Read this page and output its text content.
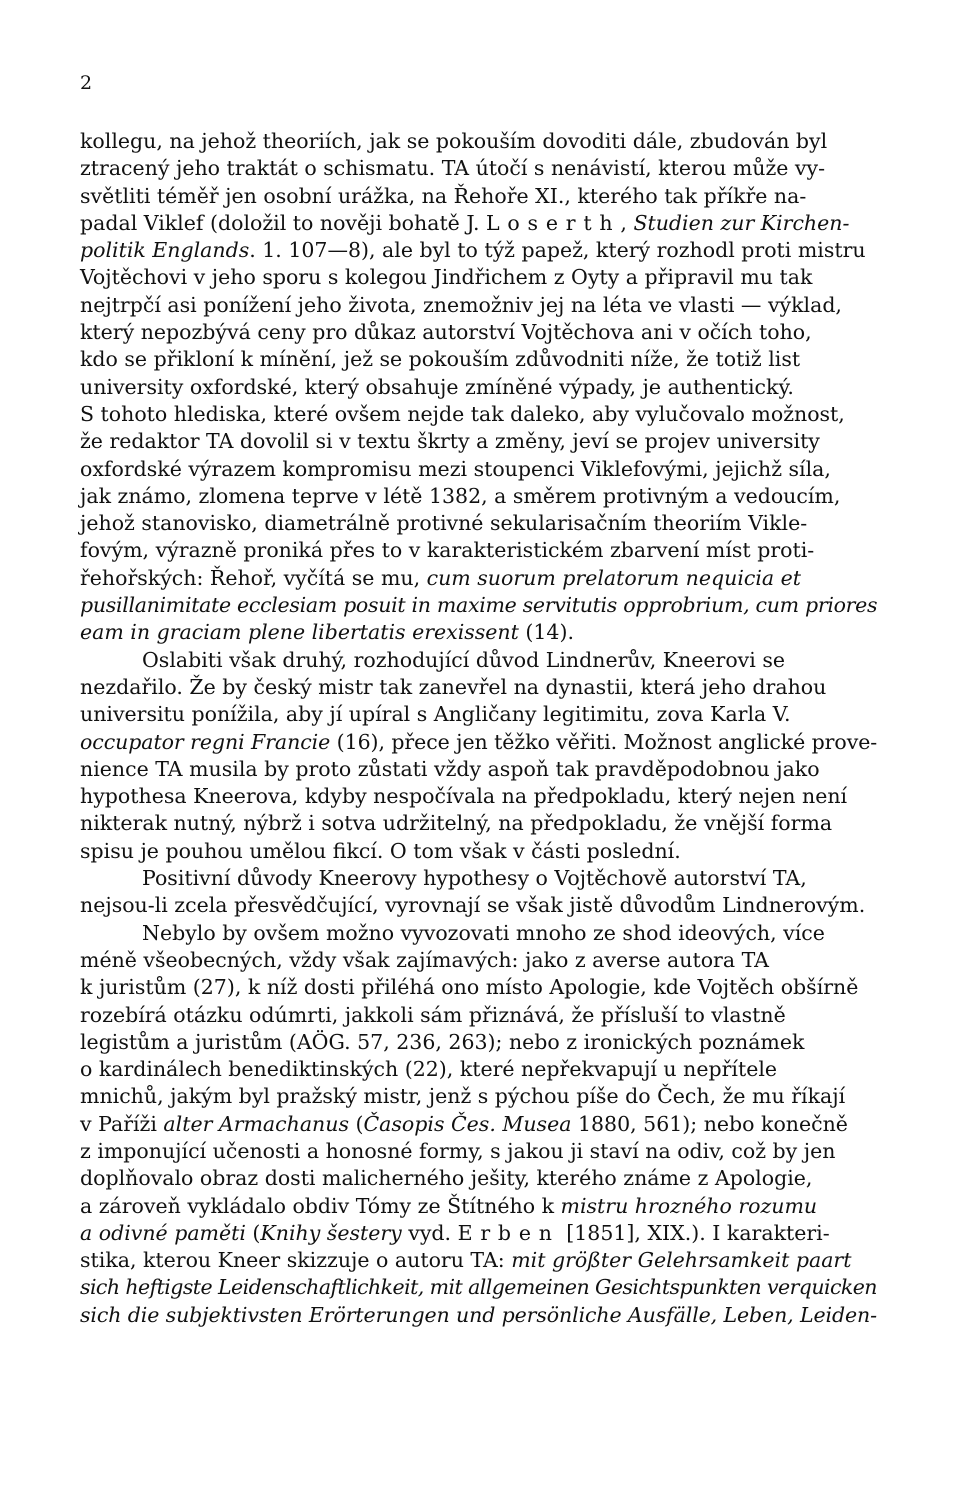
2
kollegu, na jehož theoriích, jak se pokouším dovoditi dále, zbudován byl
ztracený jeho traktát o schismatu. TA útočí s nenávistí, kterou může vy-
světliti téměř jen osobní urážka, na Řehoře XI., kterého tak příkře na-
padal Viklef (doložil to nověji bohatě J. Loserth, Studien zur Kirchen-
politik Englands. 1. 107—8), ale byl to týž papež, který rozhodl proti mistru
Vojtěchovi v jeho sporu s kolegou Jindřichem z Oyty a připravil mu tak
nejtrpčí asi ponížení jeho života, znemožniv jej na léta ve vlasti — výklad,
který nepozbývá ceny pro důkaz autorství Vojtěchova ani v očích toho,
kdo se přikloní k mínění, jež se pokouším zdůvodniti níže, že totiž list
university oxfordské, který obsahuje zmíněné výpady, je authentický.
S tohoto hlediska, které ovšem nejde tak daleko, aby vylučovalo možnost,
že redaktor TA dovolil si v textu škrty a změny, jeví se projev university
oxfordské výrazem kompromisu mezi stoupenci Viklefovými, jejichž síla,
jak známo, zlomena teprve v létě 1382, a směrem protivným a vedoucím,
jehož stanovisko, diametrálně protivné sekularisačním theoriím Vikle-
fovým, výrazně proniká přes to v karakteristickém zbarvení míst proti-
řehořských: Řehoř, vyčítá se mu, cum suorum prelatorum nequicia et
pusillanimitate ecclesiam posuit in maxime servitutis opprobrium, cum priores
eam in graciam plene libertatis erexissent (14).
Oslabiti však druhý, rozhodující důvod Lindnerův, Kneerovi se
nezdařilo. Že by český mistr tak zanevřel na dynastii, která jeho drahou
universitu ponížila, aby jí upíral s Angličany legitimitu, zova Karla V.
occupator regni Francie (16), přece jen těžko věřiti. Možnost anglické prove-
nience TA musila by proto zůstati vždy aspoň tak pravděpodobnou jako
hypothesa Kneerova, kdyby nespočívala na předpokladu, který nejen není
nikterak nutný, nýbrž i sotva udržitelný, na předpokladu, že vnější forma
spisu je pouhou umělou fikcí. O tom však v části poslední.
Positivní důvody Kneerovy hypothesy o Vojtěchově autorství TA,
nejsou-li zcela přesvědčující, vyrovnají se však jistě důvodům Lindnerovým.
Nebylo by ovšem možno vyvozovati mnoho ze shod ideových, více
méně všeobecných, vždy však zajímavých: jako z averse autora TA
k juristům (27), k níž dosti přiléhá ono místo Apologie, kde Vojtěch obšírně
rozebírá otázku odúmrti, jakkoli sám přiznává, že přísluší to vlastně
legistům a juristům (AÖG. 57, 236, 263); nebo z ironických poznámek
o kardinálech benediktinských (22), které nepřekvapují u nepřítele
mnichů, jakým byl pražský mistr, jenž s pýchou píše do Čech, že mu říkají
v Paříži alter Armachanus (Časopis Čes. Musea 1880, 561); nebo konečně
z imponující učenosti a honosné formy, s jakou ji staví na odiv, což by jen
doplňovalo obraz dosti malicherného ješity, kterého známe z Apologie,
a zároveň vykládalo obdiv Tómy ze Štítného k mistru hrozného rozumu
a odivné paměti (Knihy šestery vyd. Erben [1851], XIX.). I karakteri-
stika, kterou Kneer skizzuje o autoru TA: mit größter Gelehrsamkeit paart
sich heftigste Leidenschaftlichkeit, mit allgemeinen Gesichtspunkten verquicken
sich die subjektivsten Erörterungen und persönliche Ausfälle, Leben, Leiden-
